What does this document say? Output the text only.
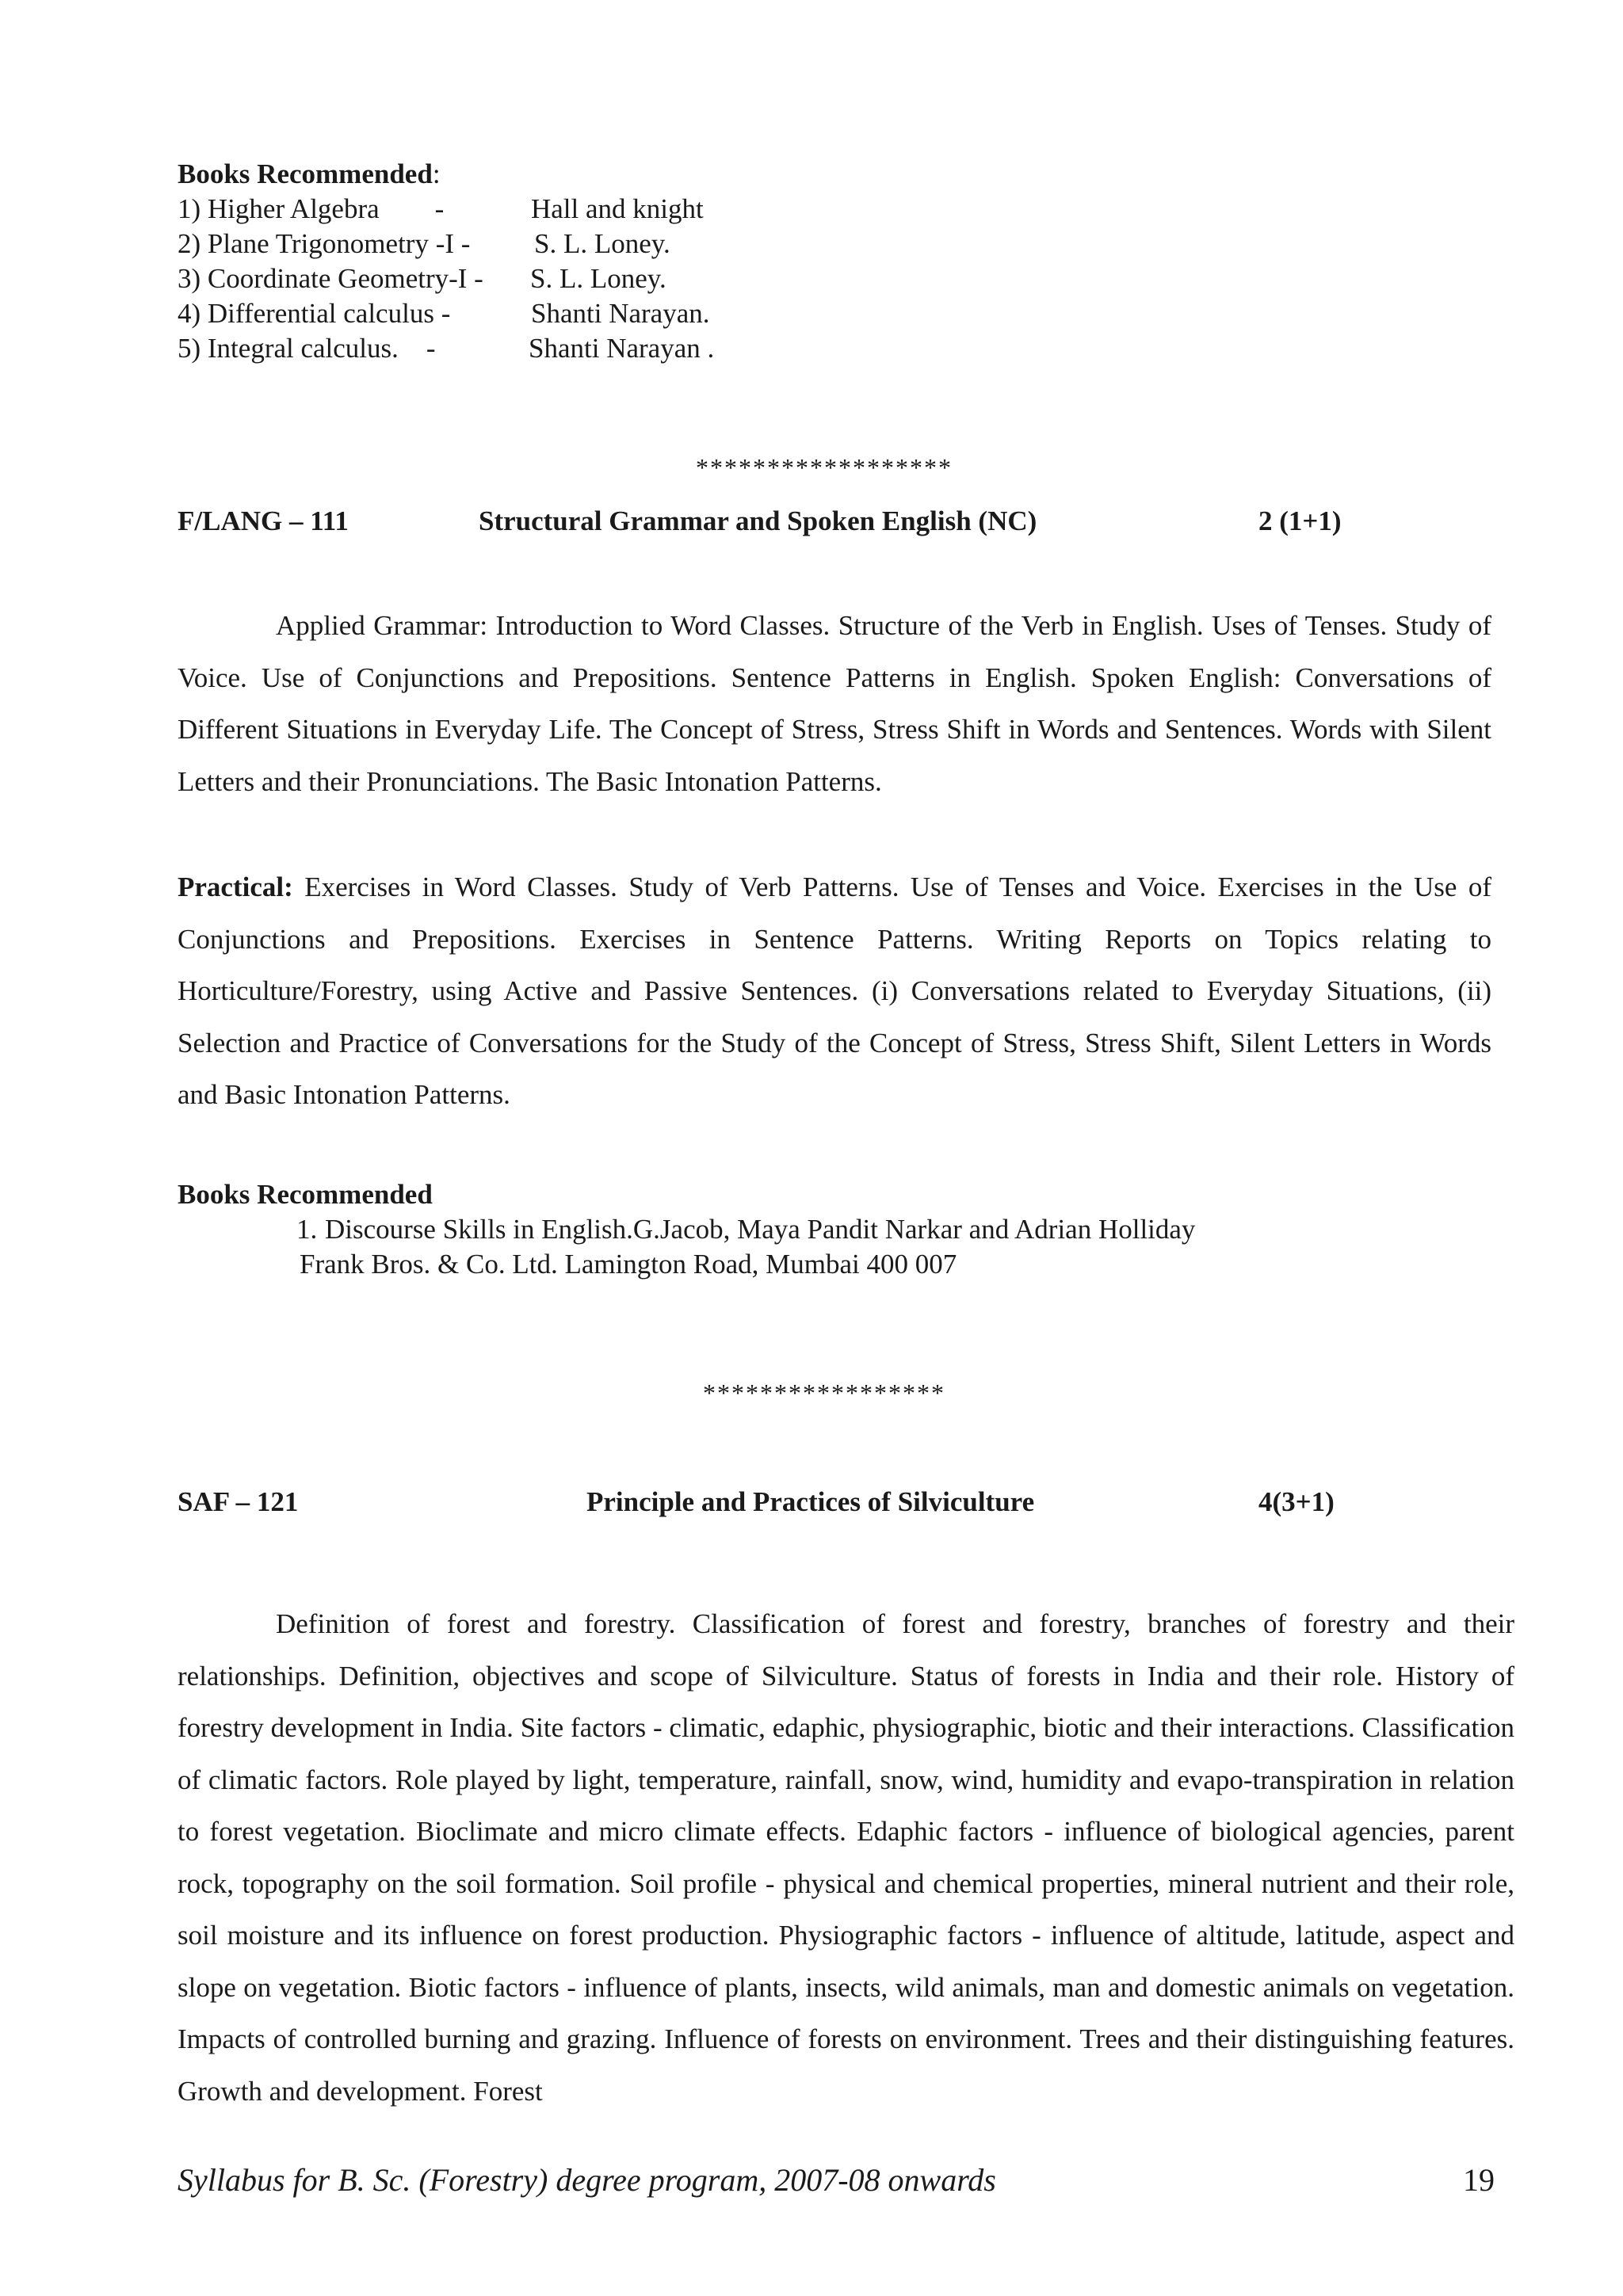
Books Recommended:
1) Higher Algebra        -	Hall and knight
2) Plane Trigonometry -I - S. L. Loney.
3) Coordinate Geometry-I - S. L. Loney.
4) Differential calculus -	Shanti Narayan.
5) Integral calculus.    -	Shanti Narayan .
******************
F/LANG – 111	Structural Grammar and Spoken English (NC)	2 (1+1)

Applied Grammar: Introduction to Word Classes. Structure of the Verb in English. Uses of Tenses. Study of Voice. Use of Conjunctions and Prepositions. Sentence Patterns in English. Spoken English: Conversations of Different Situations in Everyday Life. The Concept of Stress, Stress Shift in Words and Sentences. Words with Silent Letters and their Pronunciations. The Basic Intonation Patterns.

Practical: Exercises in Word Classes. Study of Verb Patterns. Use of Tenses and Voice. Exercises in the Use of Conjunctions and Prepositions. Exercises in Sentence Patterns. Writing Reports on Topics relating to Horticulture/Forestry, using Active and Passive Sentences. (i) Conversations related to Everyday Situations, (ii) Selection and Practice of Conversations for the Study of the Concept of Stress, Stress Shift, Silent Letters in Words and Basic Intonation Patterns.

Books Recommended
1. Discourse Skills in English.G.Jacob, Maya Pandit Narkar and Adrian Holliday
Frank Bros. & Co. Ltd. Lamington Road, Mumbai 400 007
*****************
SAF – 121	Principle and Practices of Silviculture	4(3+1)

Definition of forest and forestry. Classification of forest and forestry, branches of forestry and their relationships. Definition, objectives and scope of Silviculture. Status of forests in India and their role. History of forestry development in India. Site factors - climatic, edaphic, physiographic, biotic and their interactions. Classification of climatic factors. Role played by light, temperature, rainfall, snow, wind, humidity and evapo-transpiration in relation to forest vegetation. Bioclimate and micro climate effects. Edaphic factors - influence of biological agencies, parent rock, topography on the soil formation. Soil profile - physical and chemical properties, mineral nutrient and their role, soil moisture and its influence on forest production. Physiographic factors - influence of altitude, latitude, aspect and slope on vegetation. Biotic factors - influence of plants, insects, wild animals, man and domestic animals on vegetation. Impacts of controlled burning and grazing. Influence of forests on environment. Trees and their distinguishing features. Growth and development. Forest

Syllabus for B. Sc. (Forestry) degree program, 2007-08 onwards	19
